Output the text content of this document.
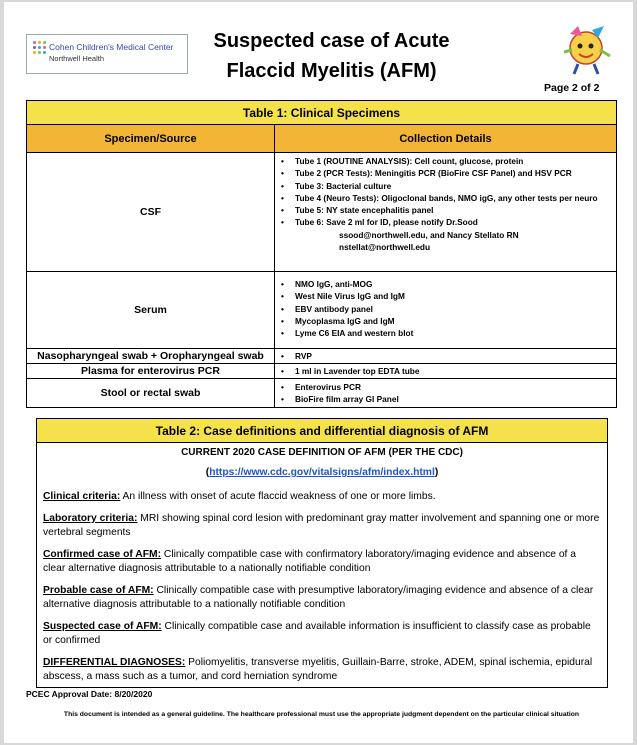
Cohen Children's Medical Center
Northwell Health
Suspected case of Acute
Flaccid Myelitis (AFM)
Page 2 of 2
Table 1: Clinical Specimens
Specimen/Source	Collection Details
CSF
• Tube 1 (ROUTINE ANALYSIS): Cell count, glucose, protein
• Tube 2 (PCR Tests): Meningitis PCR (BioFire CSF Panel) and HSV PCR
• Tube 3: Bacterial culture
• Tube 4 (Neuro Tests): Oligoclonal bands, NMO igG, any other tests per neuro
• Tube 5: NY state encephalitis panel
• Tube 6: Save 2 ml for ID, please notify Dr.Sood
ssood@northwell.edu, and Nancy Stellato RN
nstellat@northwell.edu
Serum
• NMO IgG, anti-MOG
• West Nile Virus IgG and IgM
• EBV antibody panel
• Mycoplasma IgG and IgM
• Lyme C6 EIA and western blot
Nasopharyngeal swab + Oropharyngeal swab	• RVP
Plasma for enterovirus PCR	• 1 ml in Lavender top EDTA tube
Stool or rectal swab	• Enterovirus PCR
• BioFire film array GI Panel
Table 2: Case definitions and differential diagnosis of AFM
CURRENT 2020 CASE DEFINITION OF AFM (PER THE CDC)
(https://www.cdc.gov/vitalsigns/afm/index.html)
Clinical criteria: An illness with onset of acute flaccid weakness of one or more limbs.
Laboratory criteria: MRI showing spinal cord lesion with predominant gray matter involvement and spanning one or more vertebral segments
Confirmed case of AFM: Clinically compatible case with confirmatory laboratory/imaging evidence and absence of a clear alternative diagnosis attributable to a nationally notifiable condition
Probable case of AFM: Clinically compatible case with presumptive laboratory/imaging evidence and absence of a clear alternative diagnosis attributable to a nationally notifiable condition
Suspected case of AFM: Clinically compatible case and available information is insufficient to classify case as probable or confirmed
DIFFERENTIAL DIAGNOSES: Poliomyelitis, transverse myelitis, Guillain-Barre, stroke, ADEM, spinal ischemia, epidural abscess, a mass such as a tumor, and cord herniation syndrome
PCEC Approval Date: 8/20/2020
This document is intended as a general guideline. The healthcare professional must use the appropriate judgment dependent on the particular clinical situation
